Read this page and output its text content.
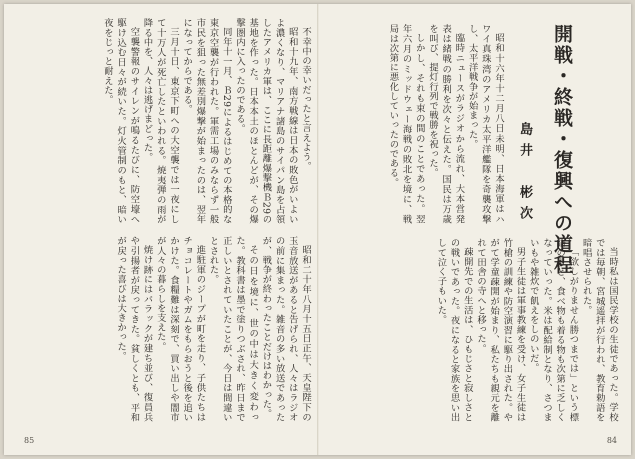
不幸中の幸いだったと言えよう。

昭和十九年、南方戦線は日本の敗色がいよいよ濃くなり、マリアナ諸島のサイパン島を占領したアメリカ軍は、ここに長距離爆撃機Ｂ29の基地を作った。日本本土のほとんどが、その爆撃圏内に入ったのである。

同年十一月、Ｂ29によるはじめての本格的な東京空襲が行われた。軍需工場のみならず一般市民を狙った無差別爆撃が始まったのは、翌年になってからである。

三月十日、東京下町への大空襲では一夜にして十万人が死亡したといわれる。焼夷弾の雨が降る中を、人々は逃げまどった。

空襲警報のサイレンが鳴るたびに、防空壕へ駆け込む日々が続いた。灯火管制のもと、暗い夜をじっと耐えた。

昭和二十年八月十五日正午、天皇陛下の玉音放送があると告げられ、人々はラジオの前に集まった。雑音の多い放送であったが、戦争が終わったことだけはわかった。

その日を境に、世の中は大きく変わった。教科書は墨で塗りつぶされ、昨日まで正しいとされていたことが、今日は間違いとされた。

進駐軍のジープが町を走り、子供たちはチョコレートやガムをもらおうと後を追いかけた。食糧難は深刻で、買い出しや闇市が人々の暮らしを支えた。

焼け跡にはバラックが建ち並び、復員兵や引揚者が戻ってきた。貧しくとも、平和が戻った喜びは大きかった。

85
開戦・終戦・復興への道程
島井　彬次

昭和十六年十二月八日未明、日本海軍はハワイ真珠湾のアメリカ太平洋艦隊を奇襲攻撃し、太平洋戦争が始まった。

臨時ニュースがラジオから流れ、大本営発表は緒戦の勝利を次々と伝えた。国民は万歳を叫び、提灯行列で戦勝を祝った。

しかし、それも束の間のことであった。翌年六月のミッドウェー海戦の敗北を境に、戦局は次第に悪化していったのである。

当時私は国民学校の生徒であった。学校では毎朝、宮城遥拝が行われ、教育勅語を暗唱させられた。

「欲しがりません勝つまでは」という標語のもと、食べ物も着る物も次第に乏しくなっていった。米は配給制となり、さつまいもや雑炊で飢えをしのいだ。

男子生徒は軍事教練を受け、女子生徒は竹槍の訓練や防空演習に駆り出された。やがて学童疎開が始まり、私たちも親元を離れて田舎の寺へと移った。

疎開先での生活は、ひもじさと寂しさとの戦いであった。夜になると家族を思い出して泣く子もいた。

84
